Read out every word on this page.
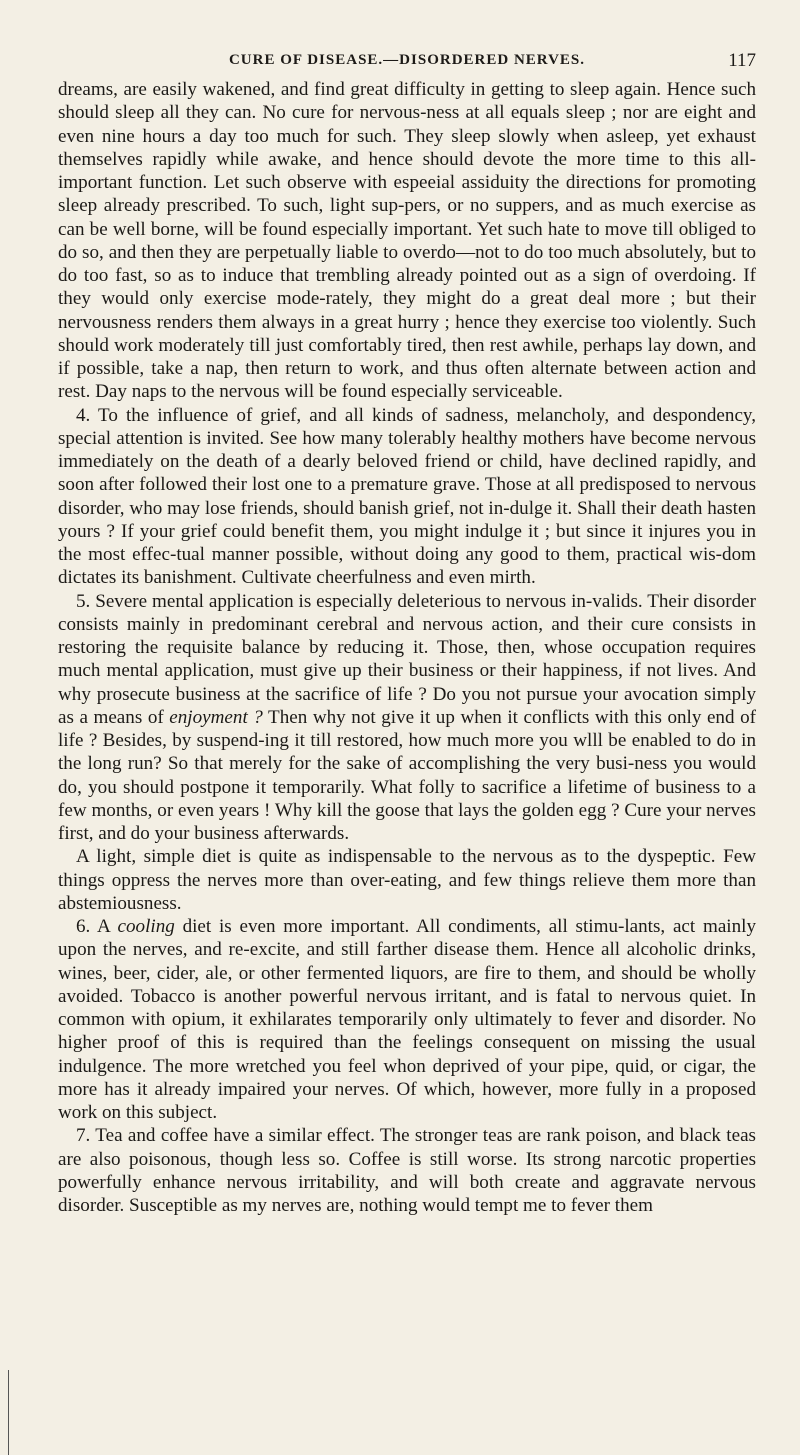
CURE OF DISEASE.—DISORDERED NERVES.	117

dreams, are easily wakened, and find great difficulty in getting to sleep again. Hence such should sleep all they can. No cure for nervous-ness at all equals sleep ; nor are eight and even nine hours a day too much for such. They sleep slowly when asleep, yet exhaust themselves rapidly while awake, and hence should devote the more time to this all-important function. Let such observe with espeeial assiduity the directions for promoting sleep already prescribed. To such, light sup-pers, or no suppers, and as much exercise as can be well borne, will be found especially important. Yet such hate to move till obliged to do so, and then they are perpetually liable to overdo—not to do too much absolutely, but to do too fast, so as to induce that trembling already pointed out as a sign of overdoing. If they would only exercise mode-rately, they might do a great deal more ; but their nervousness renders them always in a great hurry ; hence they exercise too violently. Such should work moderately till just comfortably tired, then rest awhile, perhaps lay down, and if possible, take a nap, then return to work, and thus often alternate between action and rest. Day naps to the nervous will be found especially serviceable.

4. To the influence of grief, and all kinds of sadness, melancholy, and despondency, special attention is invited. See how many tolerably healthy mothers have become nervous immediately on the death of a dearly beloved friend or child, have declined rapidly, and soon after followed their lost one to a premature grave. Those at all predisposed to nervous disorder, who may lose friends, should banish grief, not in-dulge it. Shall their death hasten yours ? If your grief could benefit them, you might indulge it ; but since it injures you in the most effec-tual manner possible, without doing any good to them, practical wis-dom dictates its banishment. Cultivate cheerfulness and even mirth.

5. Severe mental application is especially deleterious to nervous in-valids. Their disorder consists mainly in predominant cerebral and nervous action, and their cure consists in restoring the requisite balance by reducing it. Those, then, whose occupation requires much mental application, must give up their business or their happiness, if not lives. And why prosecute business at the sacrifice of life ? Do you not pursue your avocation simply as a means of enjoyment ? Then why not give it up when it conflicts with this only end of life ? Besides, by suspend-ing it till restored, how much more you wlll be enabled to do in the long run? So that merely for the sake of accomplishing the very busi-ness you would do, you should postpone it temporarily. What folly to sacrifice a lifetime of business to a few months, or even years ! Why kill the goose that lays the golden egg ? Cure your nerves first, and do your business afterwards.

A light, simple diet is quite as indispensable to the nervous as to the dyspeptic. Few things oppress the nerves more than over-eating, and few things relieve them more than abstemiousness.

6. A cooling diet is even more important. All condiments, all stimu-lants, act mainly upon the nerves, and re-excite, and still farther disease them. Hence all alcoholic drinks, wines, beer, cider, ale, or other fermented liquors, are fire to them, and should be wholly avoided. Tobacco is another powerful nervous irritant, and is fatal to nervous quiet. In common with opium, it exhilarates temporarily only ultimately to fever and disorder. No higher proof of this is required than the feelings consequent on missing the usual indulgence. The more wretched you feel whon deprived of your pipe, quid, or cigar, the more has it already impaired your nerves. Of which, however, more fully in a proposed work on this subject.

7. Tea and coffee have a similar effect. The stronger teas are rank poison, and black teas are also poisonous, though less so. Coffee is still worse. Its strong narcotic properties powerfully enhance nervous irritability, and will both create and aggravate nervous disorder. Susceptible as my nerves are, nothing would tempt me to fever them
